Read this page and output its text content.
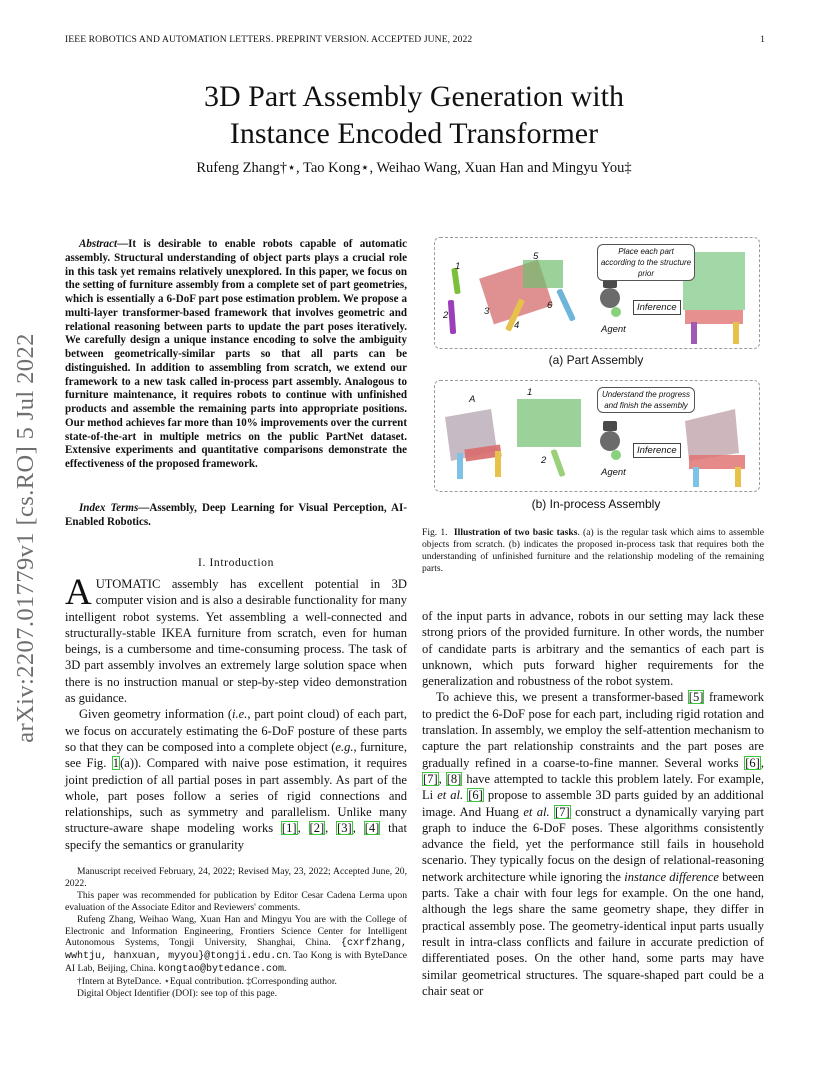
IEEE ROBOTICS AND AUTOMATION LETTERS. PREPRINT VERSION. ACCEPTED JUNE, 2022	1
3D Part Assembly Generation with
Instance Encoded Transformer
Rufeng Zhang†⋆, Tao Kong⋆, Weihao Wang, Xuan Han and Mingyu You‡
arXiv:2207.01779v1 [cs.RO] 5 Jul 2022
Abstract—It is desirable to enable robots capable of automatic assembly. Structural understanding of object parts plays a crucial role in this task yet remains relatively unexplored. In this paper, we focus on the setting of furniture assembly from a complete set of part geometries, which is essentially a 6-DoF part pose estimation problem. We propose a multi-layer transformer-based framework that involves geometric and relational reasoning between parts to update the part poses iteratively. We carefully design a unique instance encoding to solve the ambiguity between geometrically-similar parts so that all parts can be distinguished. In addition to assembling from scratch, we extend our framework to a new task called in-process part assembly. Analogous to furniture maintenance, it requires robots to continue with unfinished products and assemble the remaining parts into appropriate positions. Our method achieves far more than 10% improvements over the current state-of-the-art in multiple metrics on the public PartNet dataset. Extensive experiments and quantitative comparisons demonstrate the effectiveness of the proposed framework.
Index Terms—Assembly, Deep Learning for Visual Perception, AI-Enabled Robotics.
I. Introduction

AUTOMATIC assembly has excellent potential in 3D computer vision and is also a desirable functionality for many intelligent robot systems. Yet assembling a well-connected and structurally-stable IKEA furniture from scratch, even for human beings, is a cumbersome and time-consuming process. The task of 3D part assembly involves an extremely large solution space when there is no instruction manual or step-by-step video demonstration as guidance.

Given geometry information (i.e., part point cloud) of each part, we focus on accurately estimating the 6-DoF posture of these parts so that they can be composed into a complete object (e.g., furniture, see Fig. 1(a)). Compared with naive pose estimation, it requires joint prediction of all partial poses in part assembly. As part of the whole, part poses follow a series of rigid connections and relationships, such as symmetry and parallelism. Unlike many structure-aware shape modeling works [1], [2], [3], [4] that specify the semantics or granularity

Manuscript received February, 24, 2022; Revised May, 23, 2022; Accepted June, 20, 2022.

This paper was recommended for publication by Editor Cesar Cadena Lerma upon evaluation of the Associate Editor and Reviewers' comments.

Rufeng Zhang, Weihao Wang, Xuan Han and Mingyu You are with the College of Electronic and Information Engineering, Frontiers Science Center for Intelligent Autonomous Systems, Tongji University, Shanghai, China. {cxrfzhang, wwhtju, hanxuan, myyou}@tongji.edu.cn. Tao Kong is with ByteDance AI Lab, Beijing, China. kongtao@bytedance.com.

†Intern at ByteDance. ⋆Equal contribution. ‡Corresponding author.

Digital Object Identifier (DOI): see top of this page.

1
2	3
4
5
6
Place each part according to the structure prior
Inference
Agent
(a) Part Assembly
A
1
2
Understand the progress and finish the assembly
Inference
Agent
(b) In-process Assembly
Fig. 1. Illustration of two basic tasks. (a) is the regular task which aims to assemble objects from scratch. (b) indicates the proposed in-process task that requires both the understanding of unfinished furniture and the relationship modeling of the remaining parts.

of the input parts in advance, robots in our setting may lack these strong priors of the provided furniture. In other words, the number of candidate parts is arbitrary and the semantics of each part is unknown, which puts forward higher requirements for the generalization and robustness of the robot system.

To achieve this, we present a transformer-based [5] framework to predict the 6-DoF pose for each part, including rigid rotation and translation. In assembly, we employ the self-attention mechanism to capture the part relationship constraints and the part poses are gradually refined in a coarse-to-fine manner. Several works [6], [7], [8] have attempted to tackle this problem lately. For example, Li et al. [6] propose to assemble 3D parts guided by an additional image. And Huang et al. [7] construct a dynamically varying part graph to induce the 6-DoF poses. These algorithms consistently advance the field, yet the performance still fails in household scenario. They typically focus on the design of relational-reasoning network architecture while ignoring the instance difference between parts. Take a chair with four legs for example. On the one hand, although the legs share the same geometry shape, they differ in practical assembly pose. The geometry-identical input parts usually result in intra-class conflicts and failure in accurate prediction of differentiated poses. On the other hand, some parts may have similar geometrical structures. The square-shaped part could be a chair seat or
